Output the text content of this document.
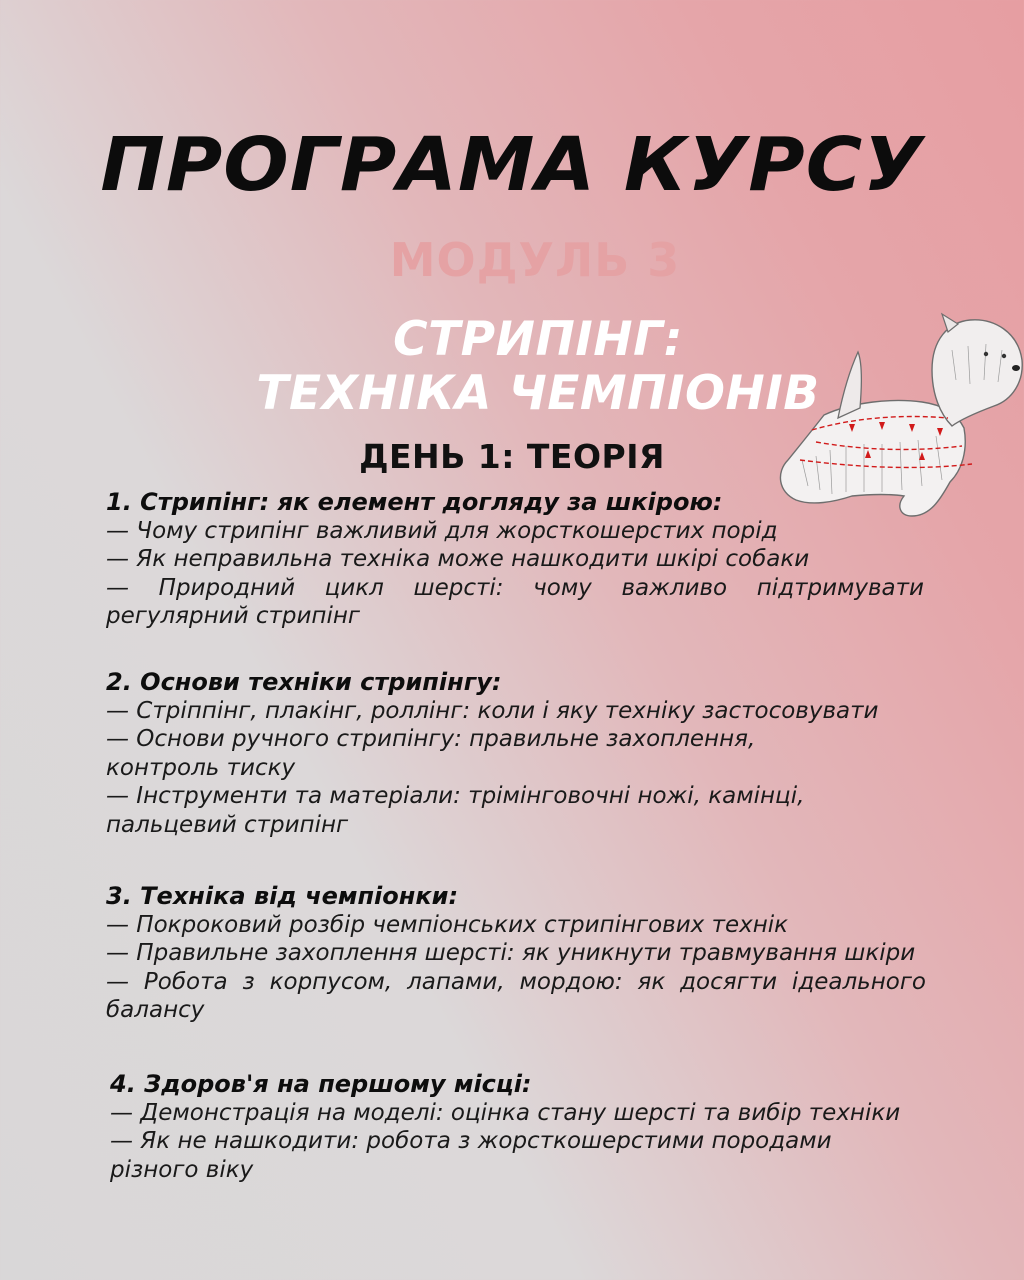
ПРОГРАМА КУРСУ
МОДУЛЬ 3
СТРИПІНГ:
ТЕХНІКА ЧЕМПІОНІВ
ДЕНЬ 1: ТЕОРІЯ
1. Стрипінг: як елемент догляду за шкірою:
— Чому стрипінг важливий для жорсткошерстих порід
— Як неправильна техніка може нашкодити шкірі собаки
— Природний цикл шерсті: чому важливо підтримувати регулярний стрипінг
2. Основи техніки стрипінгу:
— Стріппінг, плакінг, роллінг: коли і яку техніку застосовувати
— Основи ручного стрипінгу: правильне захоплення,
контроль тиску
— Інструменти та матеріали: трімінговочні ножі, камінці,
пальцевий стрипінг
3. Техніка від чемпіонки:
— Покроковий розбір чемпіонських стрипінгових технік
— Правильне захоплення шерсті: як уникнути травмування шкіри
— Робота з корпусом, лапами, мордою: як досягти ідеального балансу
4. Здоров'я на першому місці:
— Демонстрація на моделі: оцінка стану шерсті та вибір техніки
— Як не нашкодити: робота з жорсткошерстими породами
різного віку
